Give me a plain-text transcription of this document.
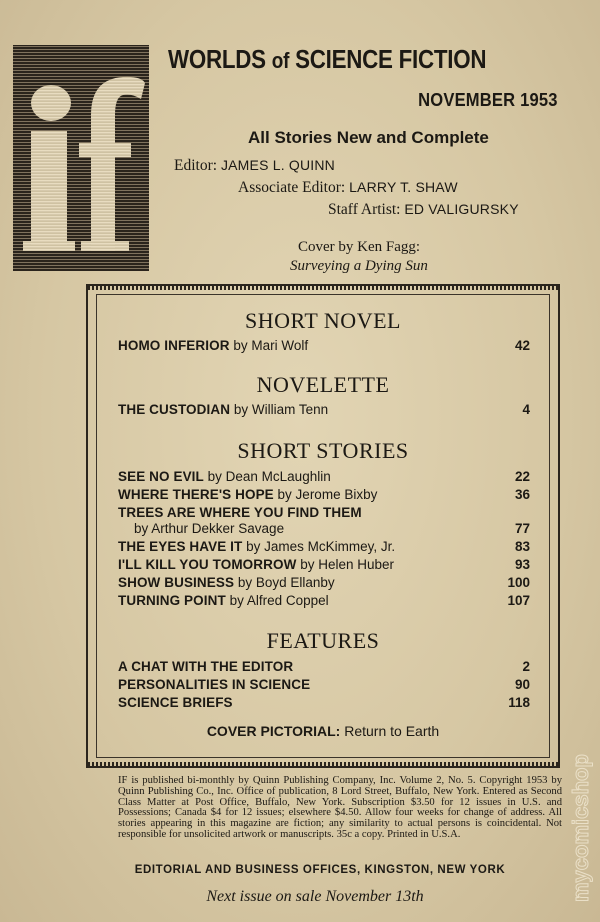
WORLDS of SCIENCE FICTION
NOVEMBER 1953
All Stories New and Complete
Editor: JAMES L. QUINN
Associate Editor: LARRY T. SHAW
Staff Artist: ED VALIGURSKY
Cover by Ken Fagg:
Surveying a Dying Sun
SHORT NOVEL
HOMO INFERIOR by Mari Wolf	42
NOVELETTE
THE CUSTODIAN by William Tenn	4
SHORT STORIES
SEE NO EVIL by Dean McLaughlin	22
WHERE THERE'S HOPE by Jerome Bixby	36
TREES ARE WHERE YOU FIND THEM
by Arthur Dekker Savage	77
THE EYES HAVE IT by James McKimmey, Jr.	83
I'LL KILL YOU TOMORROW by Helen Huber	93
SHOW BUSINESS by Boyd Ellanby	100
TURNING POINT by Alfred Coppel	107
FEATURES
A CHAT WITH THE EDITOR	2
PERSONALITIES IN SCIENCE	90
SCIENCE BRIEFS	118
COVER PICTORIAL: Return to Earth

IF is published bi-monthly by Quinn Publishing Company, Inc. Volume 2, No. 5. Copyright 1953 by Quinn Publishing Co., Inc. Office of publication, 8 Lord Street, Buffalo, New York. Entered as Second Class Matter at Post Office, Buffalo, New York. Subscription $3.50 for 12 issues in U.S. and Possessions; Canada $4 for 12 issues; elsewhere $4.50. Allow four weeks for change of address. All stories appearing in this magazine are fiction; any similarity to actual persons is coincidental. Not responsible for unsolicited artwork or manuscripts. 35c a copy. Printed in U.S.A.

EDITORIAL AND BUSINESS OFFICES, KINGSTON, NEW YORK
Next issue on sale November 13th	mycomicshop
